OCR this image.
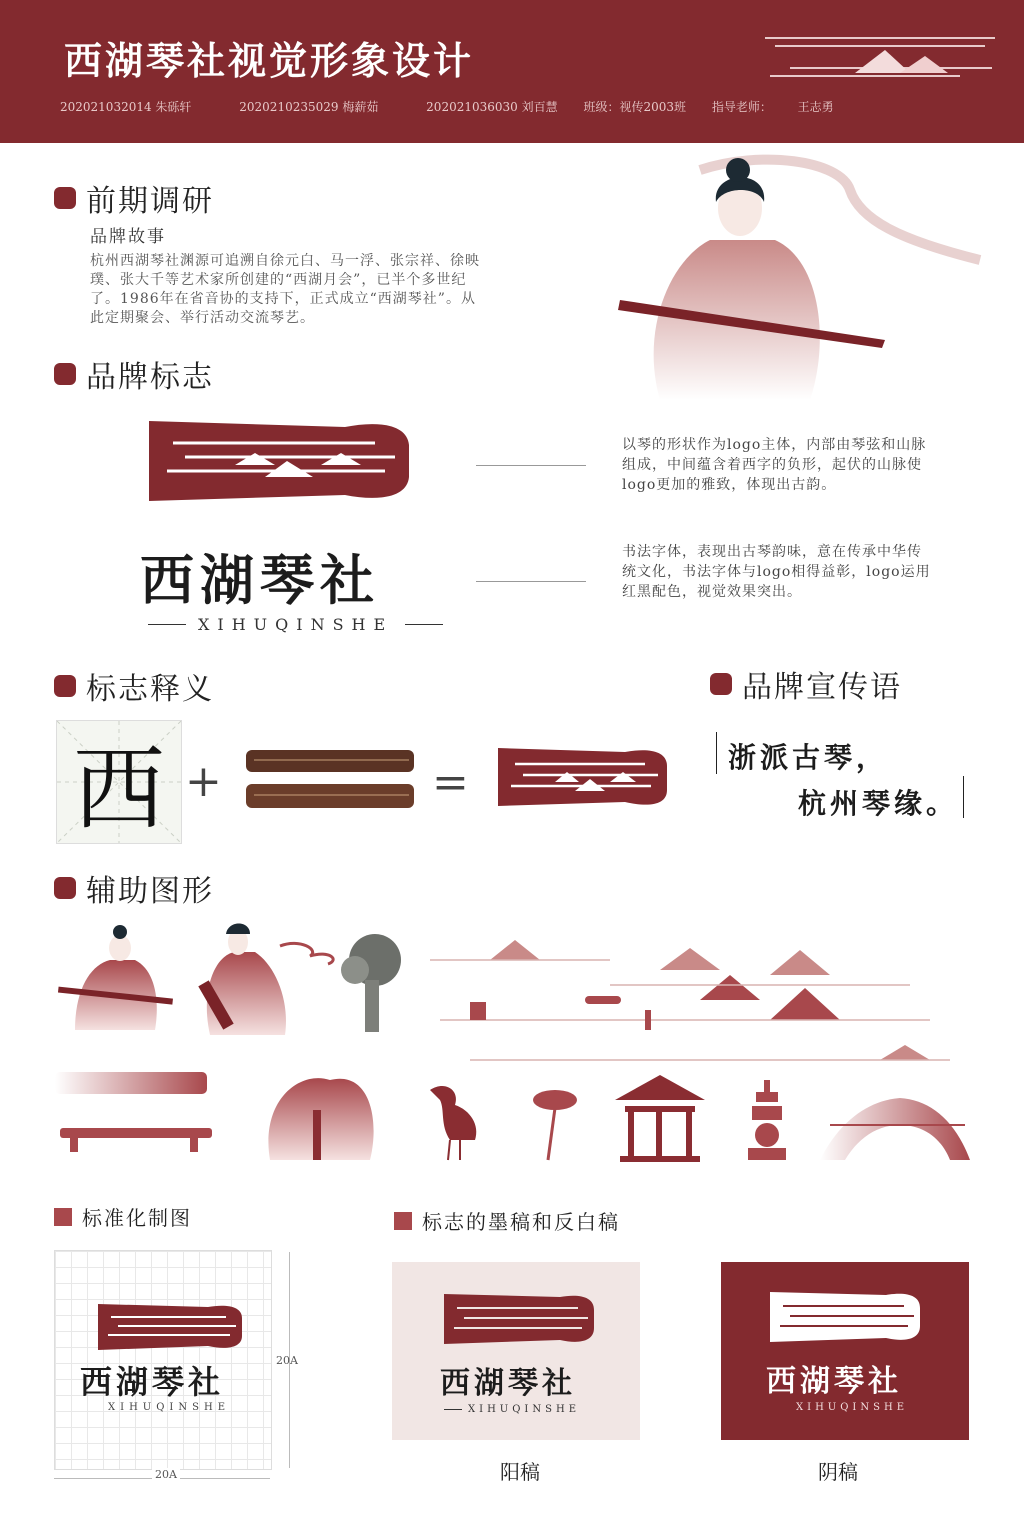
西湖琴社视觉形象设计
202021032014 朱砾轩	202021023​5029 梅薪茹	202021036030 刘百慧 班级：视传2003班 指导老师： 王志勇
前期调研
品牌故事
杭州西湖琴社渊源可追溯自徐元白、马一浮、张宗祥、徐映
璞、张大千等艺术家所创建的“西湖月会”，已半个多世纪
了。1986年在省音协的支持下，正式成立“西湖琴社”。从
此定期聚会、举行活动交流琴艺。
品牌标志
西湖琴社
XIHUQINSHE
以琴的形状作为logo主体，内部由琴弦和山脉
组成，中间蕴含着西字的负形，起伏的山脉使
logo更加的雅致，体现出古韵。
书法字体，表现出古琴韵味，意在传承中华传
统文化，书法字体与logo相得益彰，logo运用
红黑配色，视觉效果突出。
标志释义
西 +	=
品牌宣传语
浙派古琴，
杭州琴缘。
辅助图形
标准化制图
西湖琴社
XIHUQINSHE
20A
20A
标志的墨稿和反白稿
西湖琴社
XIHUQINSHE
阳稿
西湖琴社
XIHUQINSHE
阴稿
